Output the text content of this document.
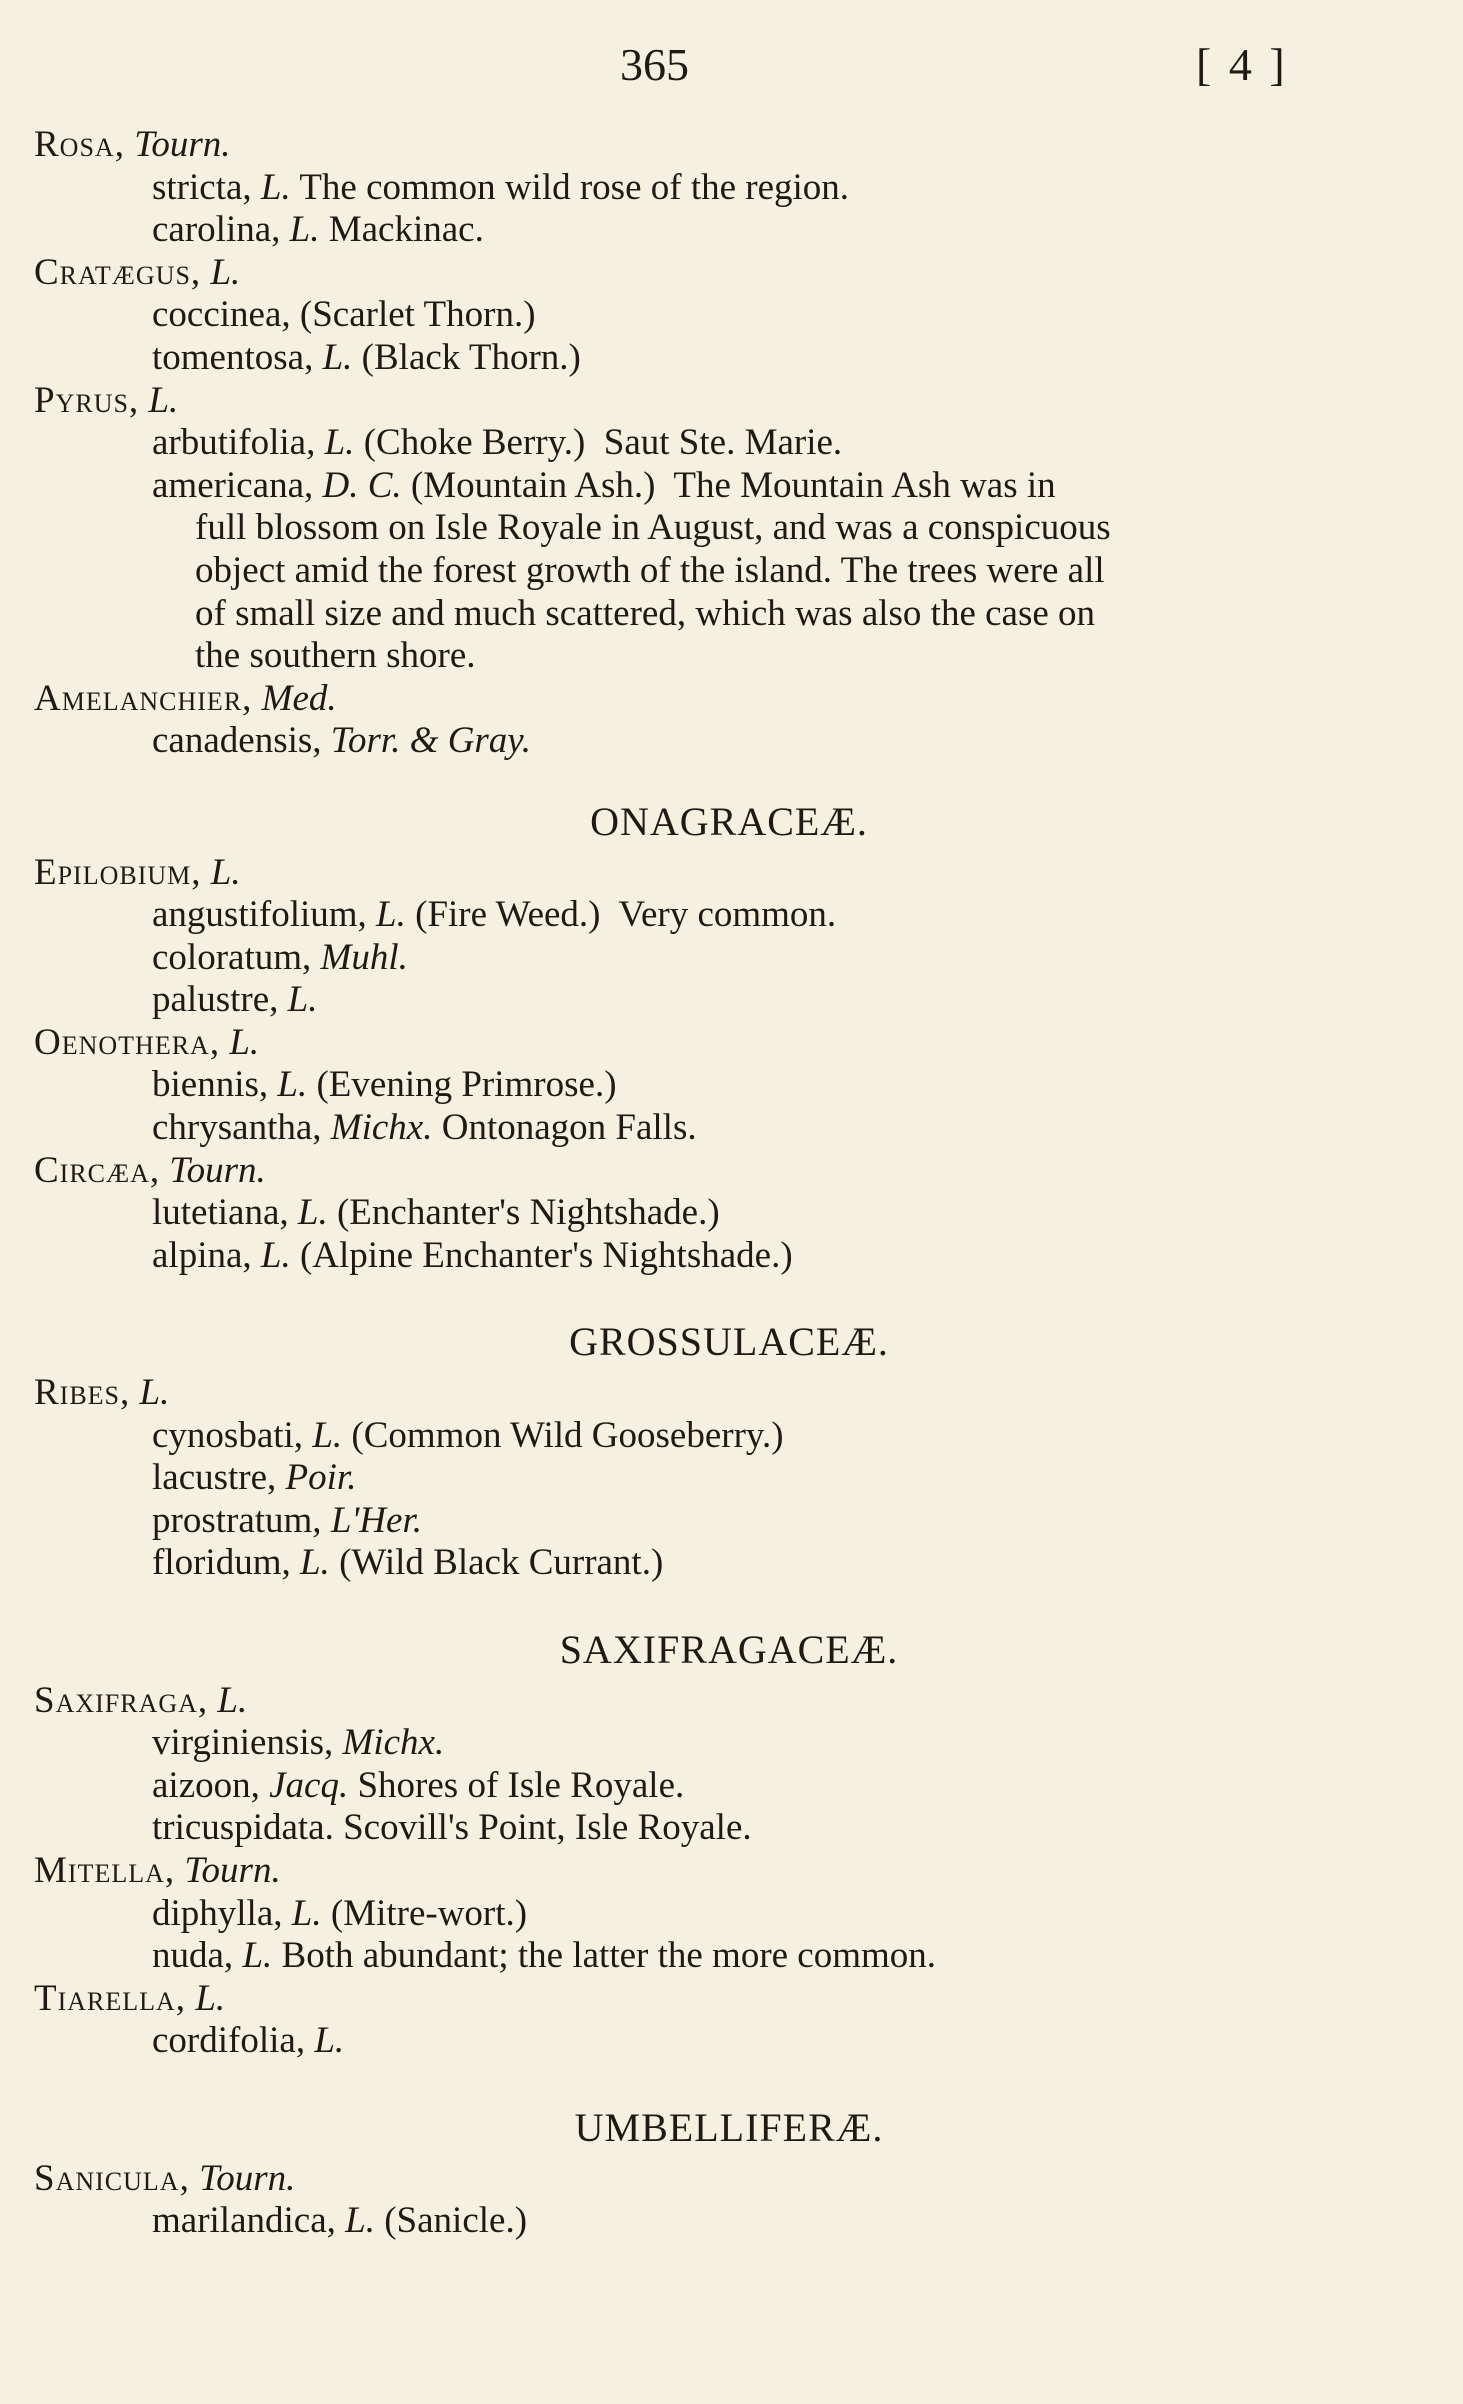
365	[ 4 ]
Rosa, Tourn.
stricta, L. The common wild rose of the region.
carolina, L. Mackinac.
Cratægus, L.
coccinea, (Scarlet Thorn.)
tomentosa, L. (Black Thorn.)
Pyrus, L.
arbutifolia, L. (Choke Berry.)  Saut Ste. Marie.
americana, D. C. (Mountain Ash.)  The Mountain Ash was in
full blossom on Isle Royale in August, and was a conspicuous
object amid the forest growth of the island. The trees were all
of small size and much scattered, which was also the case on
the southern shore.
Amelanchier, Med.
canadensis, Torr. & Gray.
ONAGRACEÆ.
Epilobium, L.
angustifolium, L. (Fire Weed.)  Very common.
coloratum, Muhl.
palustre, L.
Oenothera, L.
biennis, L. (Evening Primrose.)
chrysantha, Michx. Ontonagon Falls.
Circæa, Tourn.
lutetiana, L. (Enchanter's Nightshade.)
alpina, L. (Alpine Enchanter's Nightshade.)
GROSSULACEÆ.
Ribes, L.
cynosbati, L. (Common Wild Gooseberry.)
lacustre, Poir.
prostratum, L'Her.
floridum, L. (Wild Black Currant.)
SAXIFRAGACEÆ.
Saxifraga, L.
virginiensis, Michx.
aizoon, Jacq. Shores of Isle Royale.
tricuspidata. Scovill's Point, Isle Royale.
Mitella, Tourn.
diphylla, L. (Mitre-wort.)
nuda, L. Both abundant; the latter the more common.
Tiarella, L.
cordifolia, L.
UMBELLIFERÆ.
Sanicula, Tourn.
marilandica, L. (Sanicle.)
